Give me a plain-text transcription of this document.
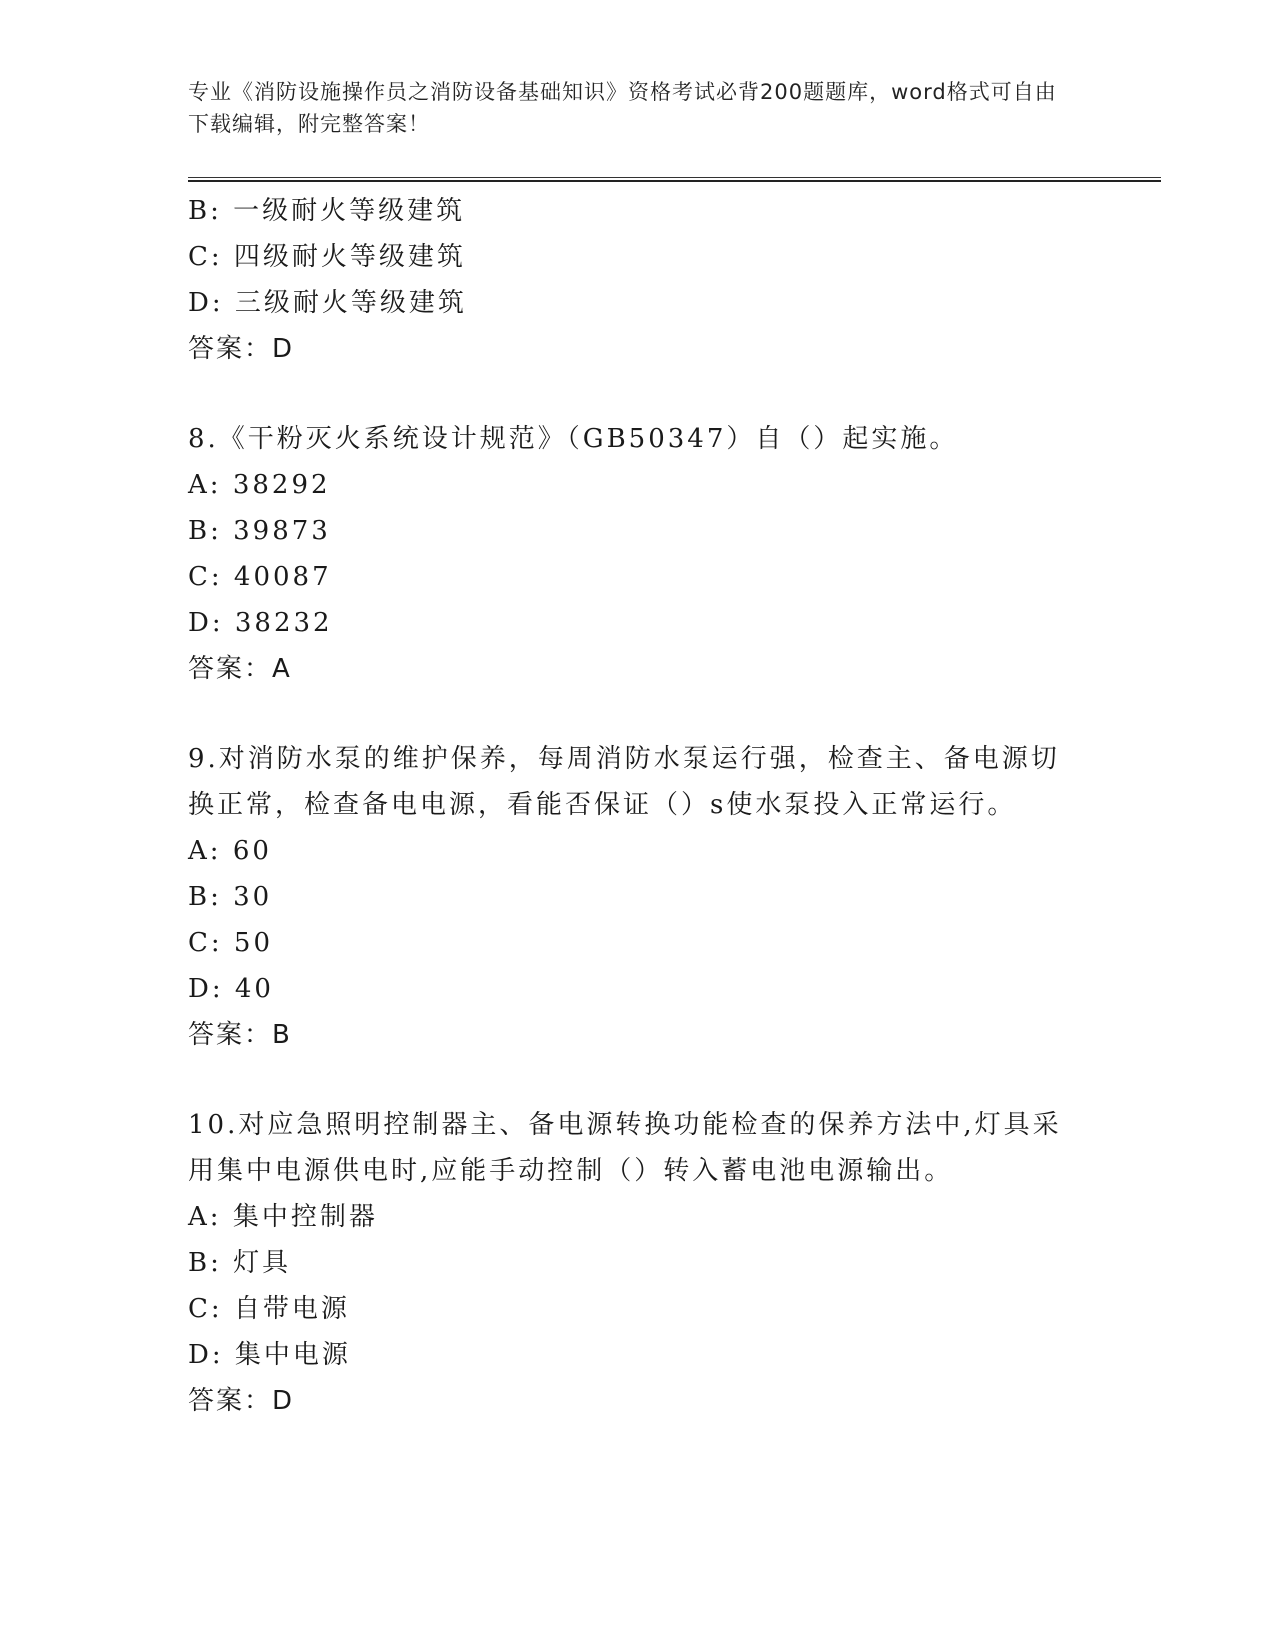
专业《消防设施操作员之消防设备基础知识》资格考试必背200题题库，word格式可自由下载编辑，附完整答案！
B: 一级耐火等级建筑
C: 四级耐火等级建筑
D: 三级耐火等级建筑
答案：D
8.《干粉灭火系统设计规范》（GB50347）自（）起实施。
A: 38292
B: 39873
C: 40087
D: 38232
答案：A
9.对消防水泵的维护保养，每周消防水泵运行强，检查主、备电源切换正常，检查备电电源，看能否保证（）s使水泵投入正常运行。
A: 60
B: 30
C: 50
D: 40
答案：B
10.对应急照明控制器主、备电源转换功能检查的保养方法中,灯具采用集中电源供电时,应能手动控制（）转入蓄电池电源输出。
A: 集中控制器
B: 灯具
C: 自带电源
D: 集中电源
答案：D
